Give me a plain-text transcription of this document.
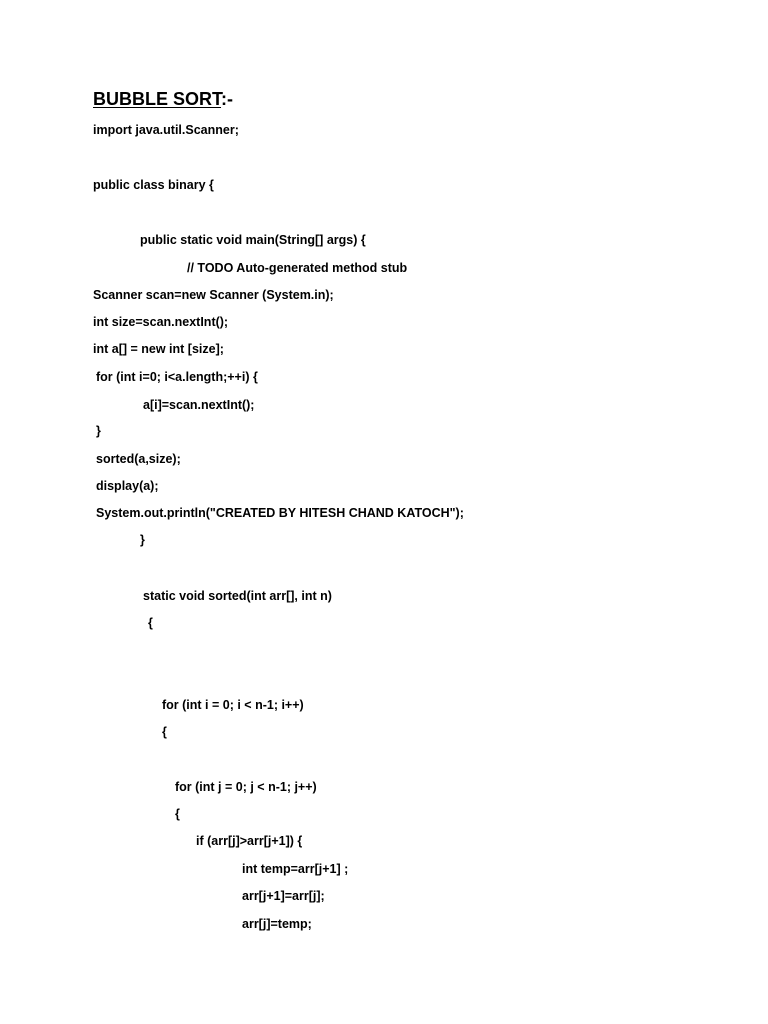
BUBBLE SORT:-
import java.util.Scanner;
public class binary {
public static void main(String[] args) {
// TODO Auto-generated method stub
Scanner scan=new Scanner (System.in);
int size=scan.nextInt();
int a[] = new int [size];
for (int i=0; i<a.length;++i) {
a[i]=scan.nextInt();
}
sorted(a,size);
display(a);
System.out.println("CREATED BY HITESH CHAND KATOCH");
}
static void sorted(int arr[], int n)
{
for (int i = 0; i < n-1; i++)
{
for (int j = 0; j < n-1; j++)
{
if (arr[j]>arr[j+1]) {
int temp=arr[j+1] ;
arr[j+1]=arr[j];
arr[j]=temp;
